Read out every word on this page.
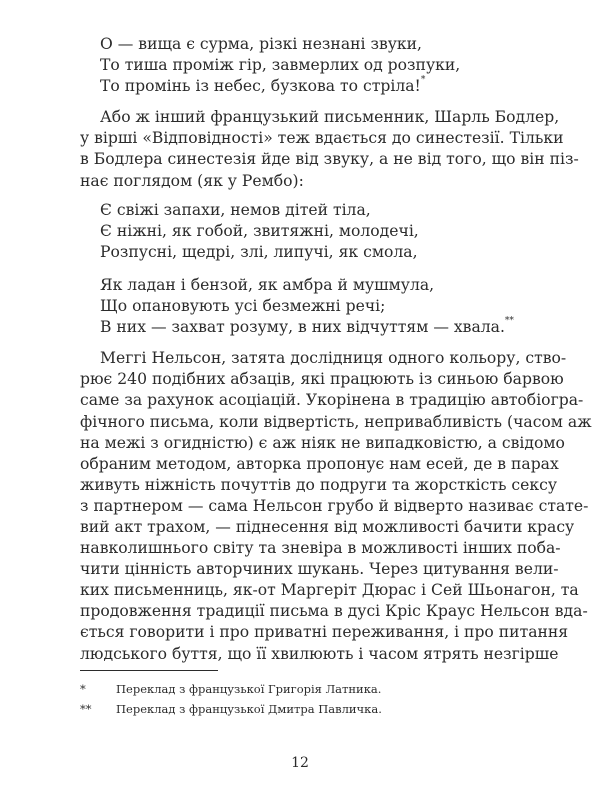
О — вища є сурма, різкі незнані звуки,
То тиша проміж гір, завмерлих од розпуки,
То промінь із небес, бузкова то стріла!*
Або ж інший французький письменник, Шарль Бодлер,
у вірші «Відповідності» теж вдається до синестезії. Тільки
в Бодлера синестезія йде від звуку, а не від того, що він піз-
нає поглядом (як у Рембо):
Є свіжі запахи, немов дітей тіла,
Є ніжні, як гобой, звитяжні, молодечі,
Розпусні, щедрі, злі, липучі, як смола,
Як ладан і бензой, як амбра й мушмула,
Що опановують усі безмежні речі;
В них — захват розуму, в них відчуттям — хвала.**
Меггі Нельсон, затята дослідниця одного кольору, ство-
рює 240 подібних абзаців, які працюють із синьою барвою
саме за рахунок асоціацій. Укорінена в традицію автобіогра-
фічного письма, коли відвертість, непривабливість (часом аж
на межі з огидністю) є аж ніяк не випадковістю, а свідомо
обраним методом, авторка пропонує нам есей, де в парах
живуть ніжність почуттів до подруги та жорсткість сексу
з партнером — сама Нельсон грубо й відверто називає стате-
вий акт трахом, — піднесення від можливості бачити красу
навколишнього світу та зневіра в можливості інших поба-
чити цінність авторчиних шукань. Через цитування вели-
ких письменниць, як-от Маргеріт Дюрас і Сей Шьонагон, та
продовження традиції письма в дусі Кріс Краус Нельсон вда-
ється говорити і про приватні переживання, і про питання
людського буття, що її хвилюють і часом ятрять незгірше
*	Переклад з французької Григорія Латника.
** Переклад з французької Дмитра Павличка.
12
